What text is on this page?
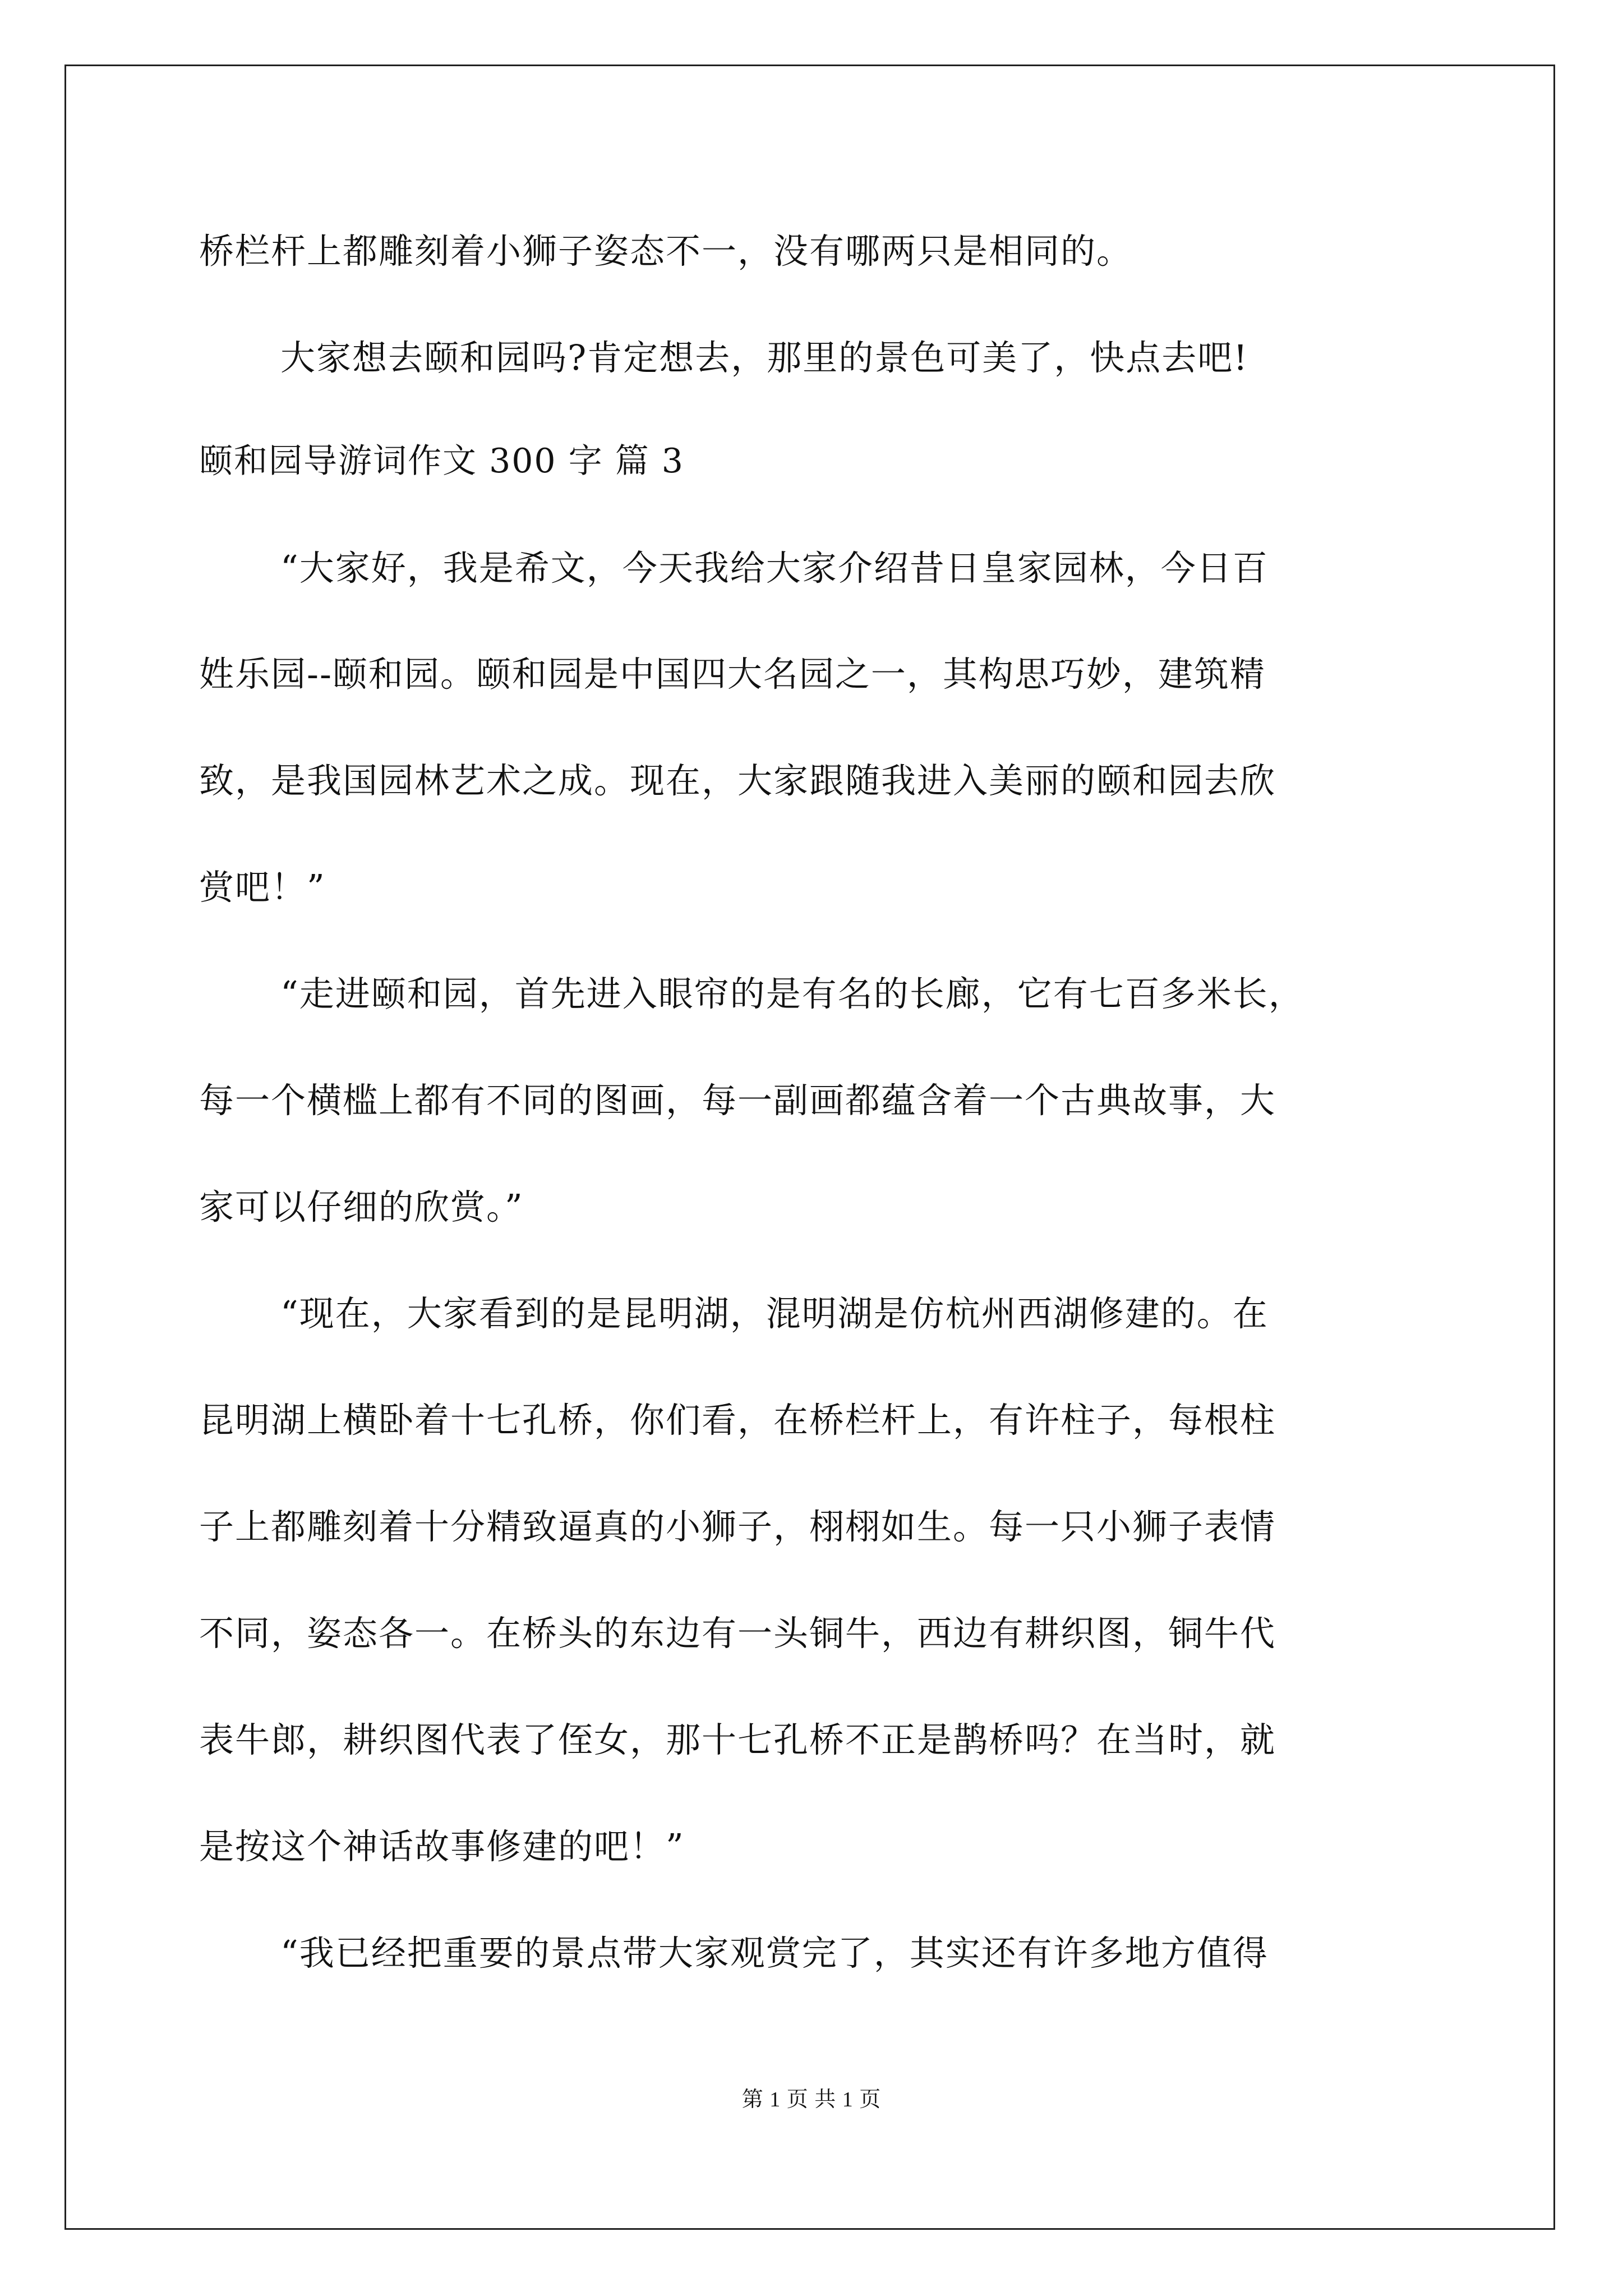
桥栏杆上都雕刻着小狮子姿态不一，没有哪两只是相同的。
大家想去颐和园吗?肯定想去，那里的景色可美了，快点去吧!
颐和园导游词作文 300 字 篇 3
“大家好，我是希文，今天我给大家介绍昔日皇家园林，今日百
姓乐园--颐和园。颐和园是中国四大名园之一，其构思巧妙，建筑精
致，是我国园林艺术之成。现在，大家跟随我进入美丽的颐和园去欣
赏吧！”
“走进颐和园，首先进入眼帘的是有名的长廊，它有七百多米长，
每一个横槛上都有不同的图画，每一副画都蕴含着一个古典故事，大
家可以仔细的欣赏。”
“现在，大家看到的是昆明湖，混明湖是仿杭州西湖修建的。在
昆明湖上横卧着十七孔桥，你们看，在桥栏杆上，有许柱子，每根柱
子上都雕刻着十分精致逼真的小狮子，栩栩如生。每一只小狮子表情
不同，姿态各一。在桥头的东边有一头铜牛，西边有耕织图，铜牛代
表牛郎，耕织图代表了侄女，那十七孔桥不正是鹊桥吗？在当时，就
是按这个神话故事修建的吧！”
“我已经把重要的景点带大家观赏完了，其实还有许多地方值得
第 1 页 共 1 页
